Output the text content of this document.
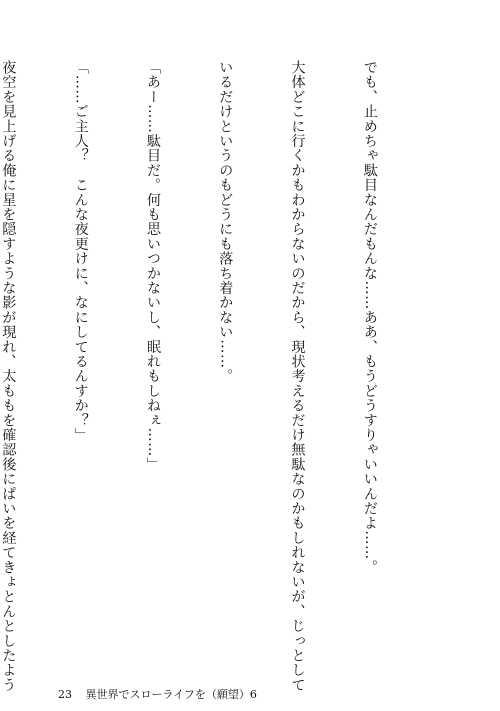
でも、止めちゃ駄目なんだもんな……ああ、もうどうすりゃいいんだよ……。

大体どこに行くかもわからないのだから、現状考えるだけ無駄なのかもしれないが、じっとして

いるだけというのもどうにも落ち着かない……。

「あー……駄目だ。何も思いつかないし、眠れもしねぇ……」

「……ご主人？　こんな夜更けに、なにしてるんすか？」

夜空を見上げる俺に星を隠すような影が現れ、太ももを確認後にぱいを経てきょとんとしたよう

23 異世界でスローライフを（願望）6
